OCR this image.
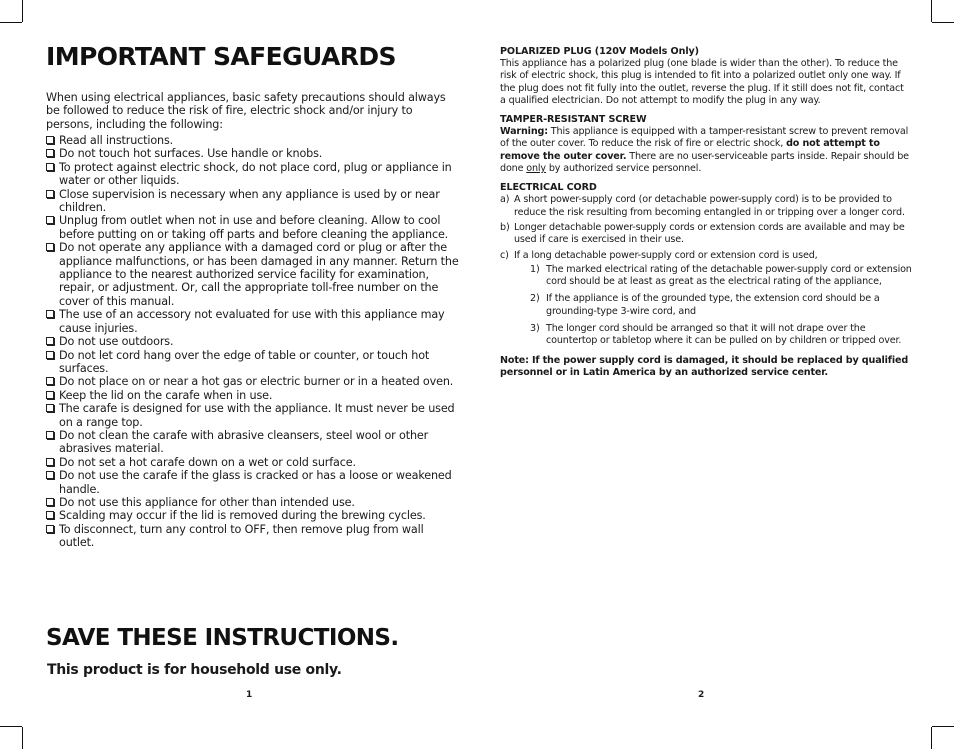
IMPORTANT SAFEGUARDS
When using electrical appliances, basic safety precautions should always be followed to reduce the risk of fire, electric shock and/or injury to persons, including the following:
Read all instructions.
Do not touch hot surfaces. Use handle or knobs.
To protect against electric shock, do not place cord, plug or appliance in water or other liquids.
Close supervision is necessary when any appliance is used by or near children.
Unplug from outlet when not in use and before cleaning. Allow to cool before putting on or taking off parts and before cleaning the appliance.
Do not operate any appliance with a damaged cord or plug or after the appliance malfunctions, or has been damaged in any manner. Return the appliance to the nearest authorized service facility for examination, repair, or adjustment. Or, call the appropriate toll-free number on the cover of this manual.
The use of an accessory not evaluated for use with this appliance may cause injuries.
Do not use outdoors.
Do not let cord hang over the edge of table or counter, or touch hot surfaces.
Do not place on or near a hot gas or electric burner or in a heated oven.
Keep the lid on the carafe when in use.
The carafe is designed for use with the appliance. It must never be used on a range top.
Do not clean the carafe with abrasive cleansers, steel wool or other abrasives material.
Do not set a hot carafe down on a wet or cold surface.
Do not use the carafe if the glass is cracked or has a loose or weakened handle.
Do not use this appliance for other than intended use.
Scalding may occur if the lid is removed during the brewing cycles.
To disconnect, turn any control to OFF, then remove plug from wall outlet.
SAVE THESE INSTRUCTIONS.
This product is for household use only.
1
POLARIZED PLUG (120V Models Only)
This appliance has a polarized plug (one blade is wider than the other). To reduce the risk of electric shock, this plug is intended to fit into a polarized outlet only one way. If the plug does not fit fully into the outlet, reverse the plug. If it still does not fit, contact a qualified electrician. Do not attempt to modify the plug in any way.
TAMPER-RESISTANT SCREW
Warning: This appliance is equipped with a tamper-resistant screw to prevent removal of the outer cover. To reduce the risk of fire or electric shock, do not attempt to remove the outer cover. There are no user-serviceable parts inside. Repair should be done only by authorized service personnel.
ELECTRICAL CORD
a) A short power-supply cord (or detachable power-supply cord) is to be provided to reduce the risk resulting from becoming entangled in or tripping over a longer cord.
b) Longer detachable power-supply cords or extension cords are available and may be used if care is exercised in their use.
c) If a long detachable power-supply cord or extension cord is used,
1) The marked electrical rating of the detachable power-supply cord or extension cord should be at least as great as the electrical rating of the appliance,
2) If the appliance is of the grounded type, the extension cord should be a grounding-type 3-wire cord, and
3) The longer cord should be arranged so that it will not drape over the countertop or tabletop where it can be pulled on by children or tripped over.
Note: If the power supply cord is damaged, it should be replaced by qualified personnel or in Latin America by an authorized service center.
2
